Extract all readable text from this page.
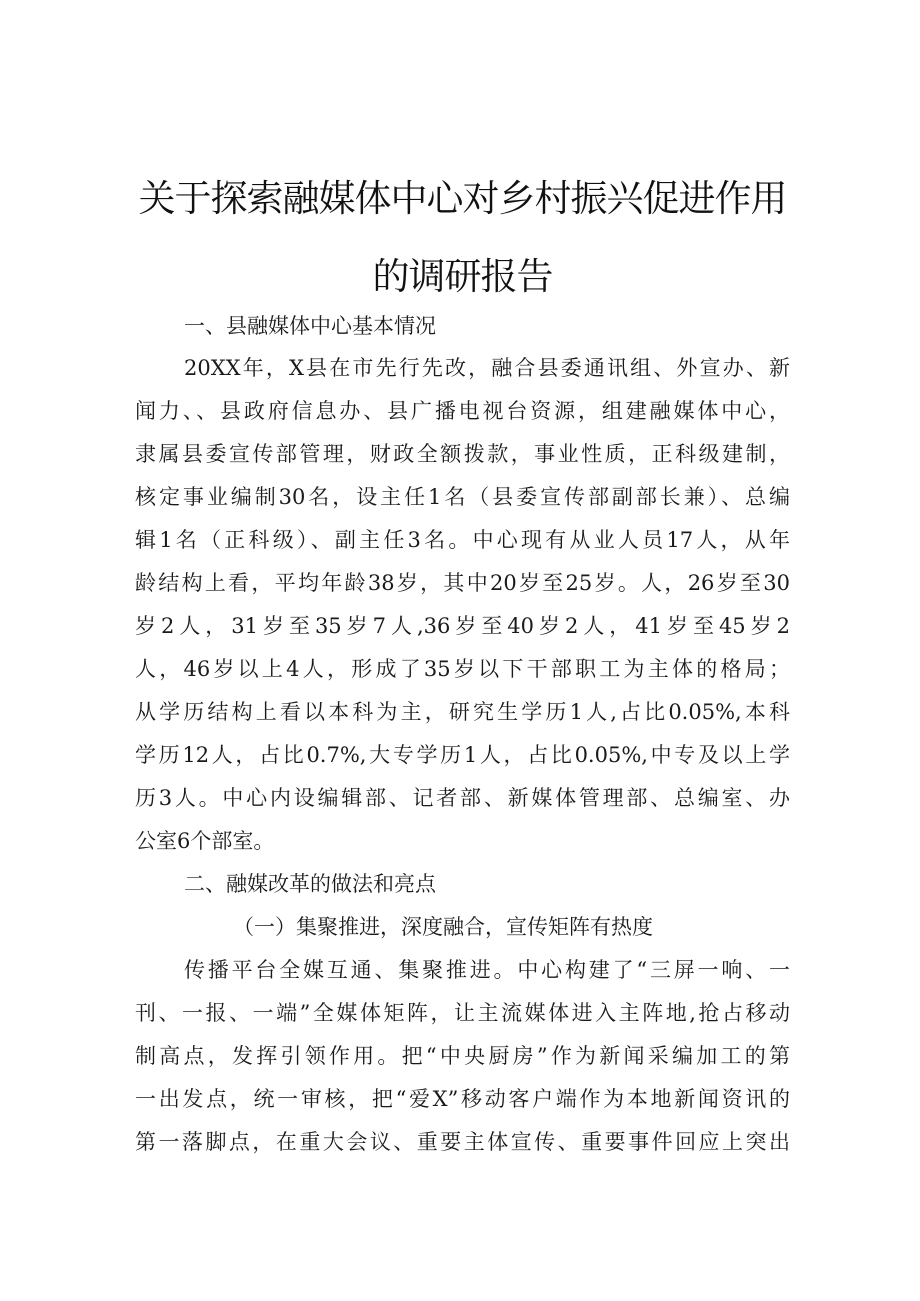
关于探索融媒体中心对乡村振兴促进作用
的调研报告
一、县融媒体中心基本情况
20XX年，X县在市先行先改，融合县委通讯组、外宣办、新
闻力、、县政府信息办、县广播电视台资源，组建融媒体中心，
隶属县委宣传部管理，财政全额拨款，事业性质，正科级建制，
核定事业编制30名，设主任1名（县委宣传部副部长兼）、总编
辑1名（正科级）、副主任3名。中心现有从业人员17人，从年
龄结构上看，平均年龄38岁，其中20岁至25岁。人，26岁至30
岁2人，31岁至35岁7人,36岁至40岁2人，41岁至45岁2
人，46岁以上4人，形成了35岁以下干部职工为主体的格局；
从学历结构上看以本科为主，研究生学历1人,占比0.05%,本科
学历12人，占比0.7%,大专学历1人，占比0.05%,中专及以上学
历3人。中心内设编辑部、记者部、新媒体管理部、总编室、办
公室6个部室。
二、融媒改革的做法和亮点
（一）集聚推进，深度融合，宣传矩阵有热度
传播平台全媒互通、集聚推进。中心构建了“三屏一响、一
刊、一报、一端”全媒体矩阵，让主流媒体进入主阵地,抢占移动
制高点，发挥引领作用。把“中央厨房”作为新闻采编加工的第
一出发点，统一审核，把“爱X”移动客户端作为本地新闻资讯的
第一落脚点，在重大会议、重要主体宣传、重要事件回应上突出
